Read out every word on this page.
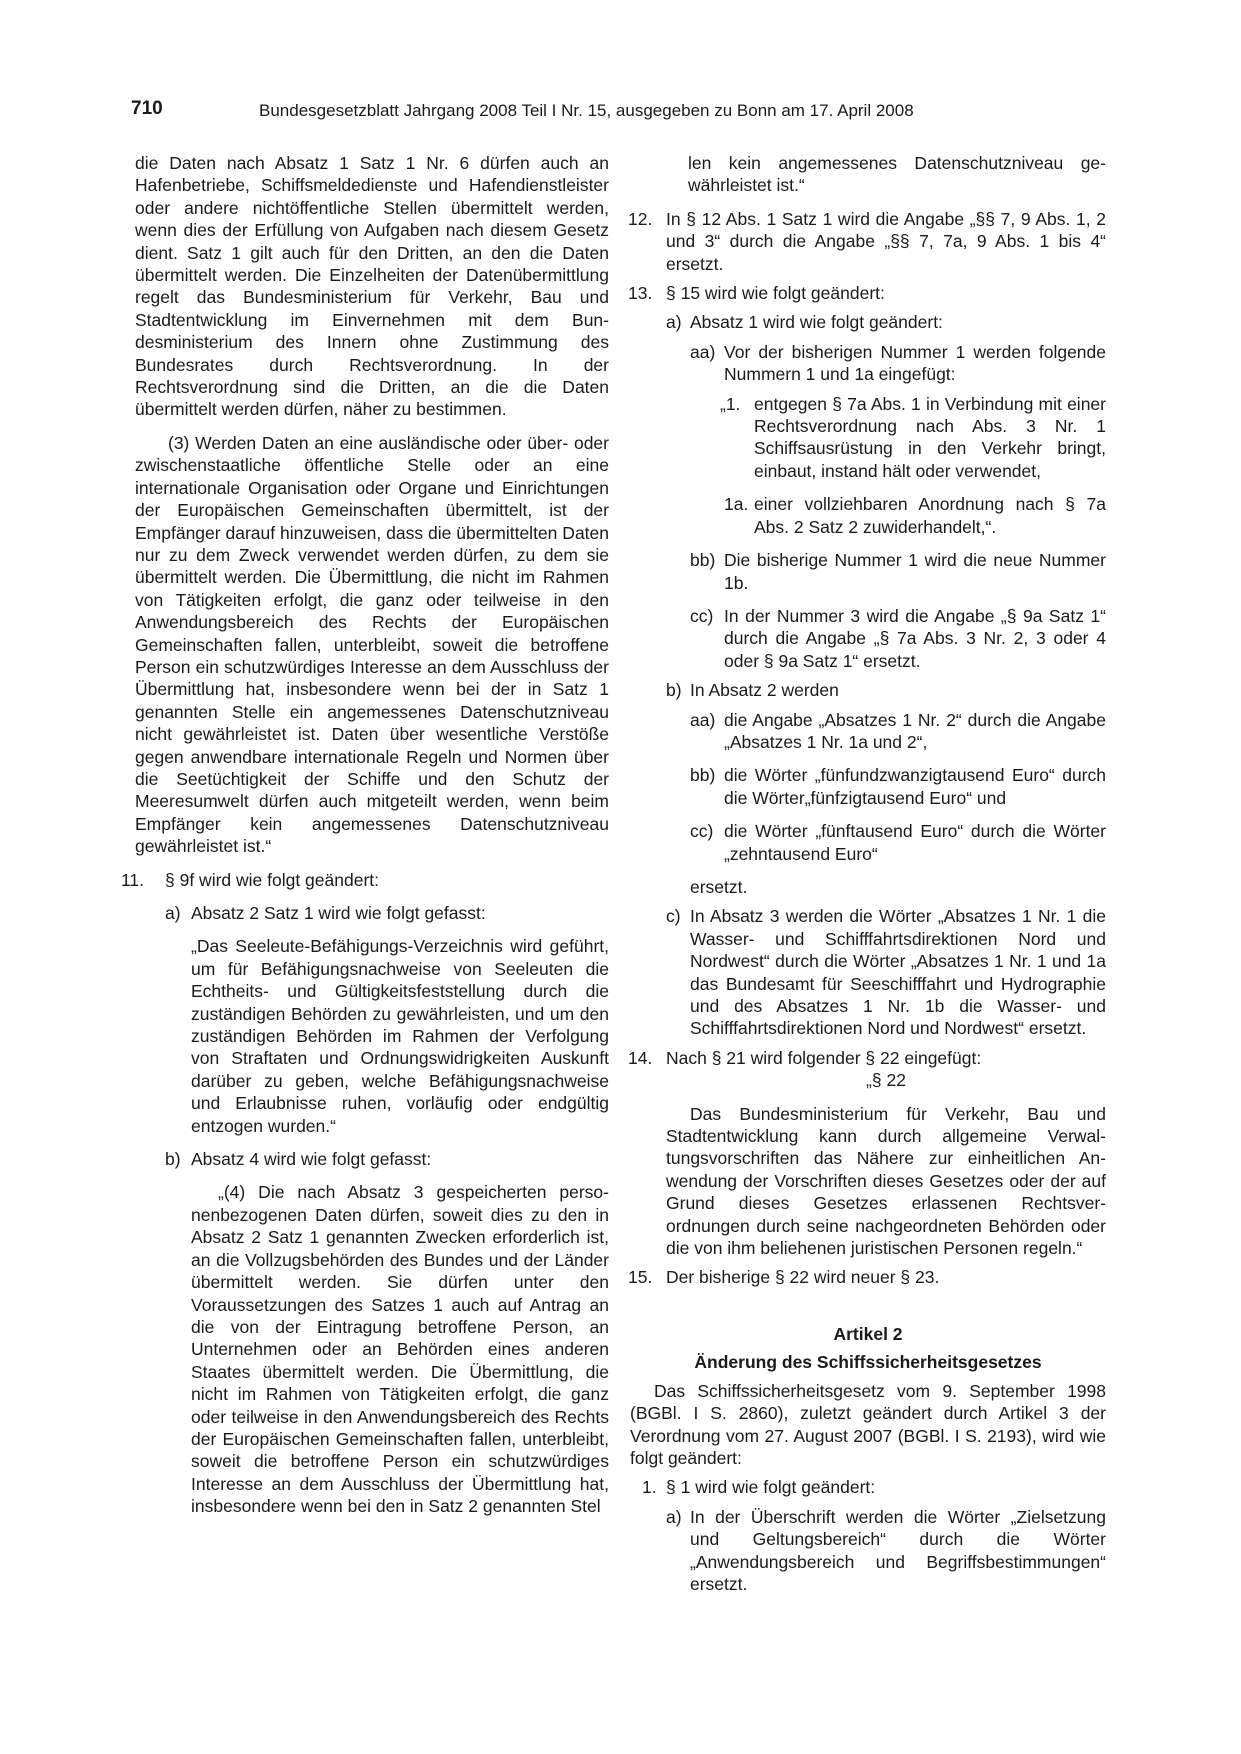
710	Bundesgesetzblatt Jahrgang 2008 Teil I Nr. 15, ausgegeben zu Bonn am 17. April 2008

die Daten nach Absatz 1 Satz 1 Nr. 6 dürfen auch an Hafenbetriebe, Schiffsmeldedienste und Hafendienstleister oder andere nichtöffentliche Stellen übermittelt werden, wenn dies der Erfüllung von Aufgaben nach diesem Gesetz dient. Satz 1 gilt auch für den Dritten, an den die Daten übermittelt werden. Die Einzelheiten der Datenübermittlung regelt das Bundesministerium für Verkehr, Bau und Stadtentwicklung im Einvernehmen mit dem Bundesministerium des Innern ohne Zustimmung des Bundesrates durch Rechtsverordnung. In der Rechtsverordnung sind die Dritten, an die die Daten übermittelt werden dürfen, näher zu bestimmen.

(3) Werden Daten an eine ausländische oder über- oder zwischenstaatliche öffentliche Stelle oder an eine internationale Organisation oder Organe und Einrichtungen der Europäischen Gemeinschaften übermittelt, ist der Empfänger darauf hinzuweisen, dass die übermittelten Daten nur zu dem Zweck verwendet werden dürfen, zu dem sie übermittelt werden. Die Übermittlung, die nicht im Rahmen von Tätigkeiten erfolgt, die ganz oder teilweise in den Anwendungsbereich des Rechts der Europäischen Gemeinschaften fallen, unterbleibt, soweit die betroffene Person ein schutzwürdiges Interesse an dem Ausschluss der Übermittlung hat, insbesondere wenn bei der in Satz 1 genannten Stelle ein angemessenes Datenschutzniveau nicht gewährleistet ist. Daten über wesentliche Verstöße gegen anwendbare internationale Regeln und Normen über die Seetüchtigkeit der Schiffe und den Schutz der Meeresumwelt dürfen auch mitgeteilt werden, wenn beim Empfänger kein angemessenes Datenschutzniveau gewährleistet ist.“

11.	§ 9f wird wie folgt geändert:

a) Absatz 2 Satz 1 wird wie folgt gefasst:

„Das Seeleute-Befähigungs-Verzeichnis wird geführt, um für Befähigungsnachweise von Seeleuten die Echtheits- und Gültigkeitsfeststellung durch die zuständigen Behörden zu gewährleisten, und um den zuständigen Behörden im Rahmen der Verfolgung von Straftaten und Ordnungswidrigkeiten Auskunft darüber zu geben, welche Befähigungsnachweise und Erlaubnisse ruhen, vorläufig oder endgültig entzogen wurden.“

b) Absatz 4 wird wie folgt gefasst:

„(4) Die nach Absatz 3 gespeicherten personenbezogenen Daten dürfen, soweit dies zu den in Absatz 2 Satz 1 genannten Zwecken erforderlich ist, an die Vollzugsbehörden des Bundes und der Länder übermittelt werden. Sie dürfen unter den Voraussetzungen des Satzes 1 auch auf Antrag an die von der Eintragung betroffene Person, an Unternehmen oder an Behörden eines anderen Staates übermittelt werden. Die Übermittlung, die nicht im Rahmen von Tätigkeiten erfolgt, die ganz oder teilweise in den Anwendungsbereich des Rechts der Europäischen Gemeinschaften fallen, unterbleibt, soweit die betroffene Person ein schutzwürdiges Interesse an dem Ausschluss der Übermittlung hat, insbesondere wenn bei den in Satz 2 genannten Stel

len kein angemessenes Datenschutzniveau gewährleistet ist.“

12. In § 12 Abs. 1 Satz 1 wird die Angabe „§§ 7, 9 Abs. 1, 2 und 3“ durch die Angabe „§§ 7, 7a, 9 Abs. 1 bis 4“ ersetzt.

13. § 15 wird wie folgt geändert:

a) Absatz 1 wird wie folgt geändert:

aa) Vor der bisherigen Nummer 1 werden folgende Nummern 1 und 1a eingefügt:

„1. entgegen § 7a Abs. 1 in Verbindung mit einer Rechtsverordnung nach Abs. 3 Nr. 1 Schiffsausrüstung in den Verkehr bringt, einbaut, instand hält oder verwendet,

1a. einer vollziehbaren Anordnung nach § 7a Abs. 2 Satz 2 zuwiderhandelt,“.

bb) Die bisherige Nummer 1 wird die neue Nummer 1b.

cc) In der Nummer 3 wird die Angabe „§ 9a Satz 1“ durch die Angabe „§ 7a Abs. 3 Nr. 2, 3 oder 4 oder § 9a Satz 1“ ersetzt.

b) In Absatz 2 werden

aa) die Angabe „Absatzes 1 Nr. 2“ durch die Angabe „Absatzes 1 Nr. 1a und 2“,

bb) die Wörter „fünfundzwanzigtausend Euro“ durch die Wörter„fünfzigtausend Euro“ und

cc) die Wörter „fünftausend Euro“ durch die Wörter „zehntausend Euro“

ersetzt.

c) In Absatz 3 werden die Wörter „Absatzes 1 Nr. 1 die Wasser- und Schifffahrtsdirektionen Nord und Nordwest“ durch die Wörter „Absatzes 1 Nr. 1 und 1a das Bundesamt für Seeschifffahrt und Hydrographie und des Absatzes 1 Nr. 1b die Wasser- und Schifffahrtsdirektionen Nord und Nordwest“ ersetzt.

14. Nach § 21 wird folgender § 22 eingefügt:

„§ 22

Das Bundesministerium für Verkehr, Bau und Stadtentwicklung kann durch allgemeine Verwaltungsvorschriften das Nähere zur einheitlichen Anwendung der Vorschriften dieses Gesetzes oder der auf Grund dieses Gesetzes erlassenen Rechtsverordnungen durch seine nachgeordneten Behörden oder die von ihm beliehenen juristischen Personen regeln.“

15. Der bisherige § 22 wird neuer § 23.

Artikel 2

Änderung des Schiffssicherheitsgesetzes

Das Schiffssicherheitsgesetz vom 9. September 1998 (BGBl. I S. 2860), zuletzt geändert durch Artikel 3 der Verordnung vom 27. August 2007 (BGBl. I S. 2193), wird wie folgt geändert:

1. § 1 wird wie folgt geändert:

a) In der Überschrift werden die Wörter „Zielsetzung und Geltungsbereich“ durch die Wörter „Anwendungsbereich und Begriffsbestimmungen“ ersetzt.
